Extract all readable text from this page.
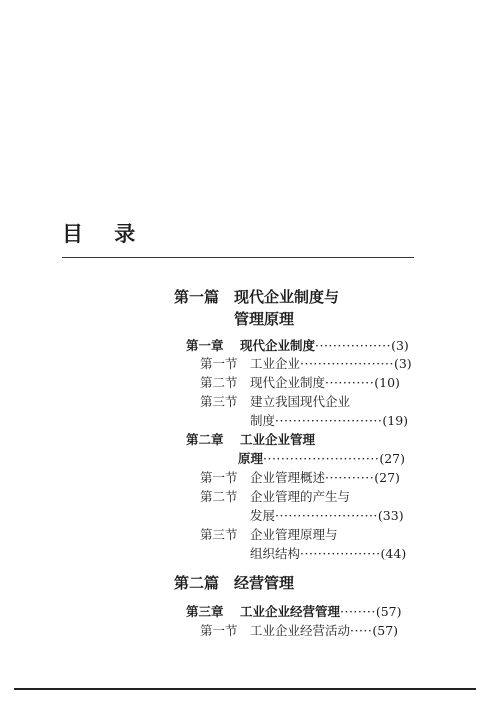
目 录
第一篇 现代企业制度与
管理原理
第一章 现代企业制度·················(3)
第一节 工业企业·····················(3)
第二节 现代企业制度···········(10)
第三节 建立我国现代企业
制度························(19)
第二章 工业企业管理
原理··························(27)
第一节 企业管理概述···········(27)
第二节 企业管理的产生与
发展·······················(33)
第三节 企业管理原理与
组织结构··················(44)
第二篇 经营管理
第三章 工业企业经营管理········(57)
第一节 工业企业经营活动·····(57)
